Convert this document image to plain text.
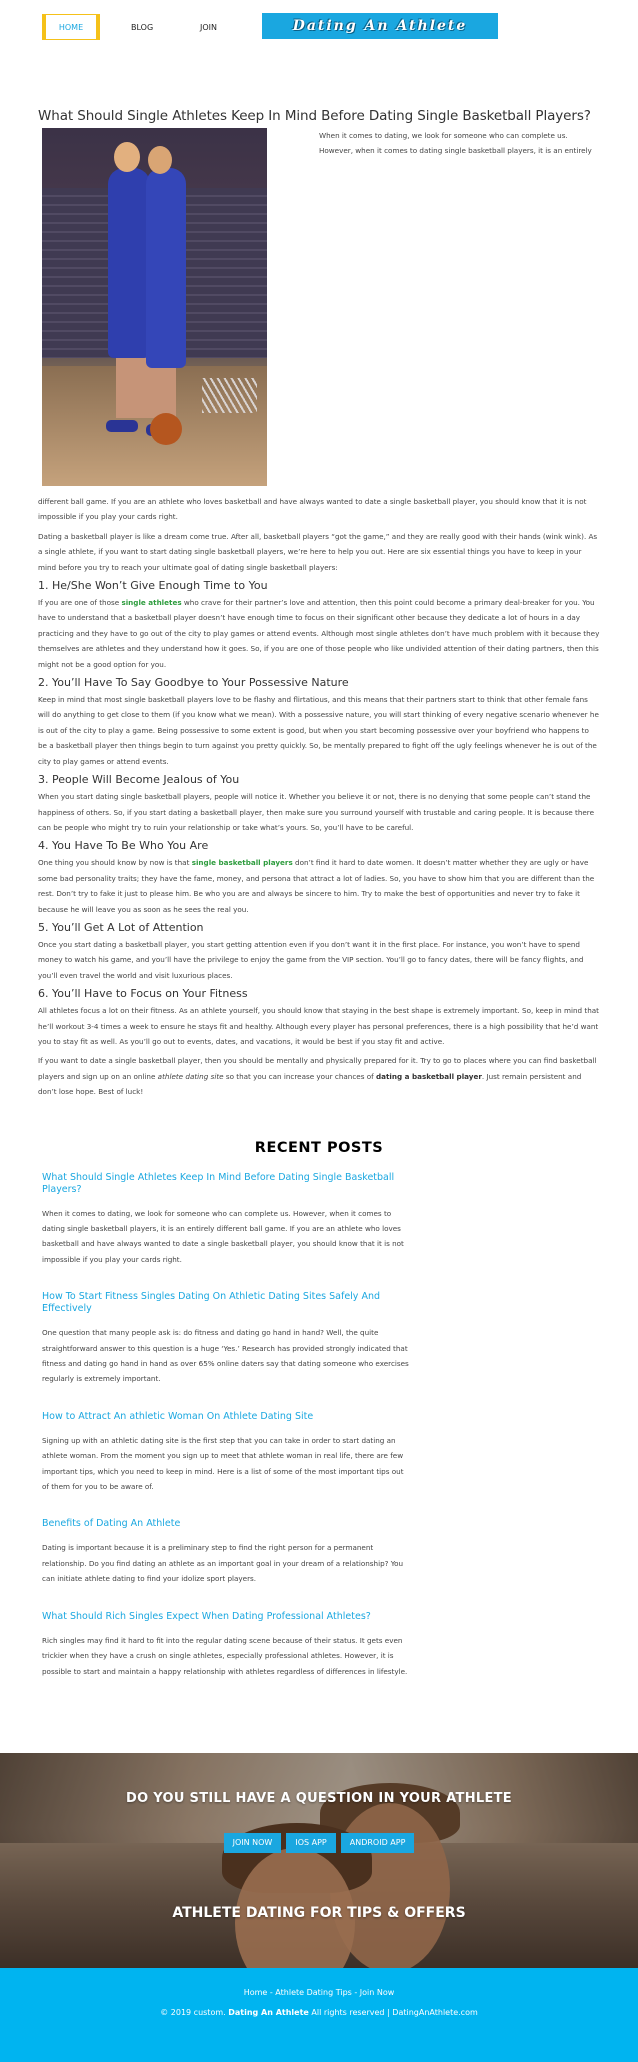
HOME	BLOG	JOIN	Dating An Athlete
What Should Single Athletes Keep In Mind Before Dating Single Basketball Players?

When it comes to dating, we look for someone who can complete us. However, when it comes to dating single basketball players, it is an entirely

different ball game. If you are an athlete who loves basketball and have always wanted to date a single basketball player, you should know that it is not impossible if you play your cards right.

Dating a basketball player is like a dream come true. After all, basketball players “got the game,” and they are really good with their hands (wink wink). As a single athlete, if you want to start dating single basketball players, we’re here to help you out. Here are six essential things you have to keep in your mind before you try to reach your ultimate goal of dating single basketball players:

1. He/She Won’t Give Enough Time to You

If you are one of those single athletes who crave for their partner’s love and attention, then this point could become a primary deal-breaker for you. You have to understand that a basketball player doesn’t have enough time to focus on their significant other because they dedicate a lot of hours in a day practicing and they have to go out of the city to play games or attend events. Although most single athletes don’t have much problem with it because they themselves are athletes and they understand how it goes. So, if you are one of those people who like undivided attention of their dating partners, then this might not be a good option for you.

2. You’ll Have To Say Goodbye to Your Possessive Nature

Keep in mind that most single basketball players love to be flashy and flirtatious, and this means that their partners start to think that other female fans will do anything to get close to them (if you know what we mean). With a possessive nature, you will start thinking of every negative scenario whenever he is out of the city to play a game. Being possessive to some extent is good, but when you start becoming possessive over your boyfriend who happens to be a basketball player then things begin to turn against you pretty quickly. So, be mentally prepared to fight off the ugly feelings whenever he is out of the city to play games or attend events.

3. People Will Become Jealous of You

When you start dating single basketball players, people will notice it. Whether you believe it or not, there is no denying that some people can’t stand the happiness of others. So, if you start dating a basketball player, then make sure you surround yourself with trustable and caring people. It is because there can be people who might try to ruin your relationship or take what’s yours. So, you’ll have to be careful.

4. You Have To Be Who You Are

One thing you should know by now is that single basketball players don’t find it hard to date women. It doesn’t matter whether they are ugly or have some bad personality traits; they have the fame, money, and persona that attract a lot of ladies. So, you have to show him that you are different than the rest. Don’t try to fake it just to please him. Be who you are and always be sincere to him. Try to make the best of opportunities and never try to fake it because he will leave you as soon as he sees the real you.

5. You’ll Get A Lot of Attention

Once you start dating a basketball player, you start getting attention even if you don’t want it in the first place. For instance, you won’t have to spend money to watch his game, and you’ll have the privilege to enjoy the game from the VIP section. You’ll go to fancy dates, there will be fancy flights, and you’ll even travel the world and visit luxurious places.

6. You’ll Have to Focus on Your Fitness

All athletes focus a lot on their fitness. As an athlete yourself, you should know that staying in the best shape is extremely important. So, keep in mind that he’ll workout 3-4 times a week to ensure he stays fit and healthy. Although every player has personal preferences, there is a high possibility that he’d want you to stay fit as well. As you’ll go out to events, dates, and vacations, it would be best if you stay fit and active.

If you want to date a single basketball player, then you should be mentally and physically prepared for it. Try to go to places where you can find basketball players and sign up on an online athlete dating site so that you can increase your chances of dating a basketball player. Just remain persistent and don’t lose hope. Best of luck!

RECENT POSTS
What Should Single Athletes Keep In Mind Before Dating Single Basketball Players?

When it comes to dating, we look for someone who can complete us. However, when it comes to dating single basketball players, it is an entirely different ball game. If you are an athlete who loves basketball and have always wanted to date a single basketball player, you should know that it is not impossible if you play your cards right.

How To Start Fitness Singles Dating On Athletic Dating Sites Safely And Effectively

One question that many people ask is: do fitness and dating go hand in hand? Well, the quite straightforward answer to this question is a huge ‘Yes.’ Research has provided strongly indicated that fitness and dating go hand in hand as over 65% online daters say that dating someone who exercises regularly is extremely important.

How to Attract An athletic Woman On Athlete Dating Site

Signing up with an athletic dating site is the first step that you can take in order to start dating an athlete woman. From the moment you sign up to meet that athlete woman in real life, there are few important tips, which you need to keep in mind. Here is a list of some of the most important tips out of them for you to be aware of.

Benefits of Dating An Athlete

Dating is important because it is a preliminary step to find the right person for a permanent relationship. Do you find dating an athlete as an important goal in your dream of a relationship? You can initiate athlete dating to find your idolize sport players.

What Should Rich Singles Expect When Dating Professional Athletes?

Rich singles may find it hard to fit into the regular dating scene because of their status. It gets even trickier when they have a crush on single athletes, especially professional athletes. However, it is possible to start and maintain a happy relationship with athletes regardless of differences in lifestyle.

DO YOU STILL HAVE A QUESTION IN YOUR ATHLETE
JOIN NOW	IOS APP	ANDROID APP
ATHLETE DATING FOR TIPS & OFFERS
Home - Athlete Dating Tips - Join Now
© 2019 custom. Dating An Athlete All rights reserved | DatingAnAthlete.com
